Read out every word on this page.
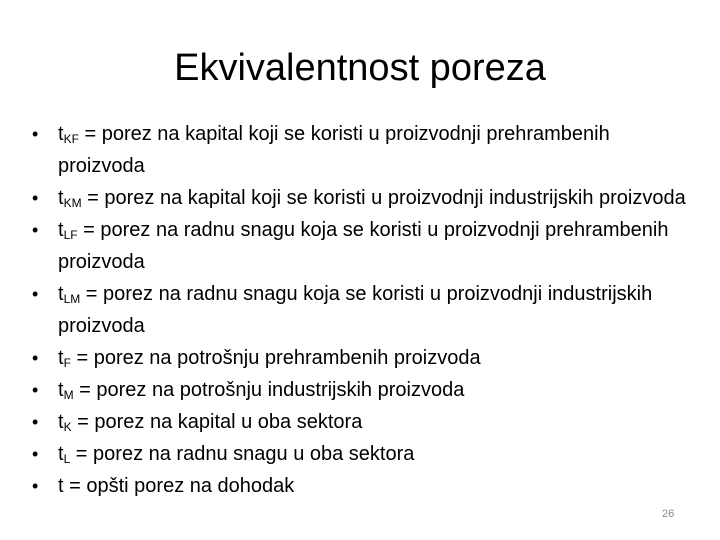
Ekvivalentnost poreza
• $t_{KF}$ = porez na kapital koji se koristi u proizvodnji prehrambenih proizvoda
• $t_{KM}$ = porez na kapital koji se koristi u proizvodnji industrijskih proizvoda
• $t_{LF}$ = porez na radnu snagu koja se koristi u proizvodnji prehrambenih proizvoda
• $t_{LM}$ = porez na radnu snagu koja se koristi u proizvodnji industrijskih proizvoda
• $t_F$ = porez na potrošnju prehrambenih proizvoda
• $t_M$ = porez na potrošnju industrijskih proizvoda
• $t_K$ = porez na kapital u oba sektora
• $t_L$ = porez na radnu snagu u oba sektora
• t = opšti porez na dohodak
26
